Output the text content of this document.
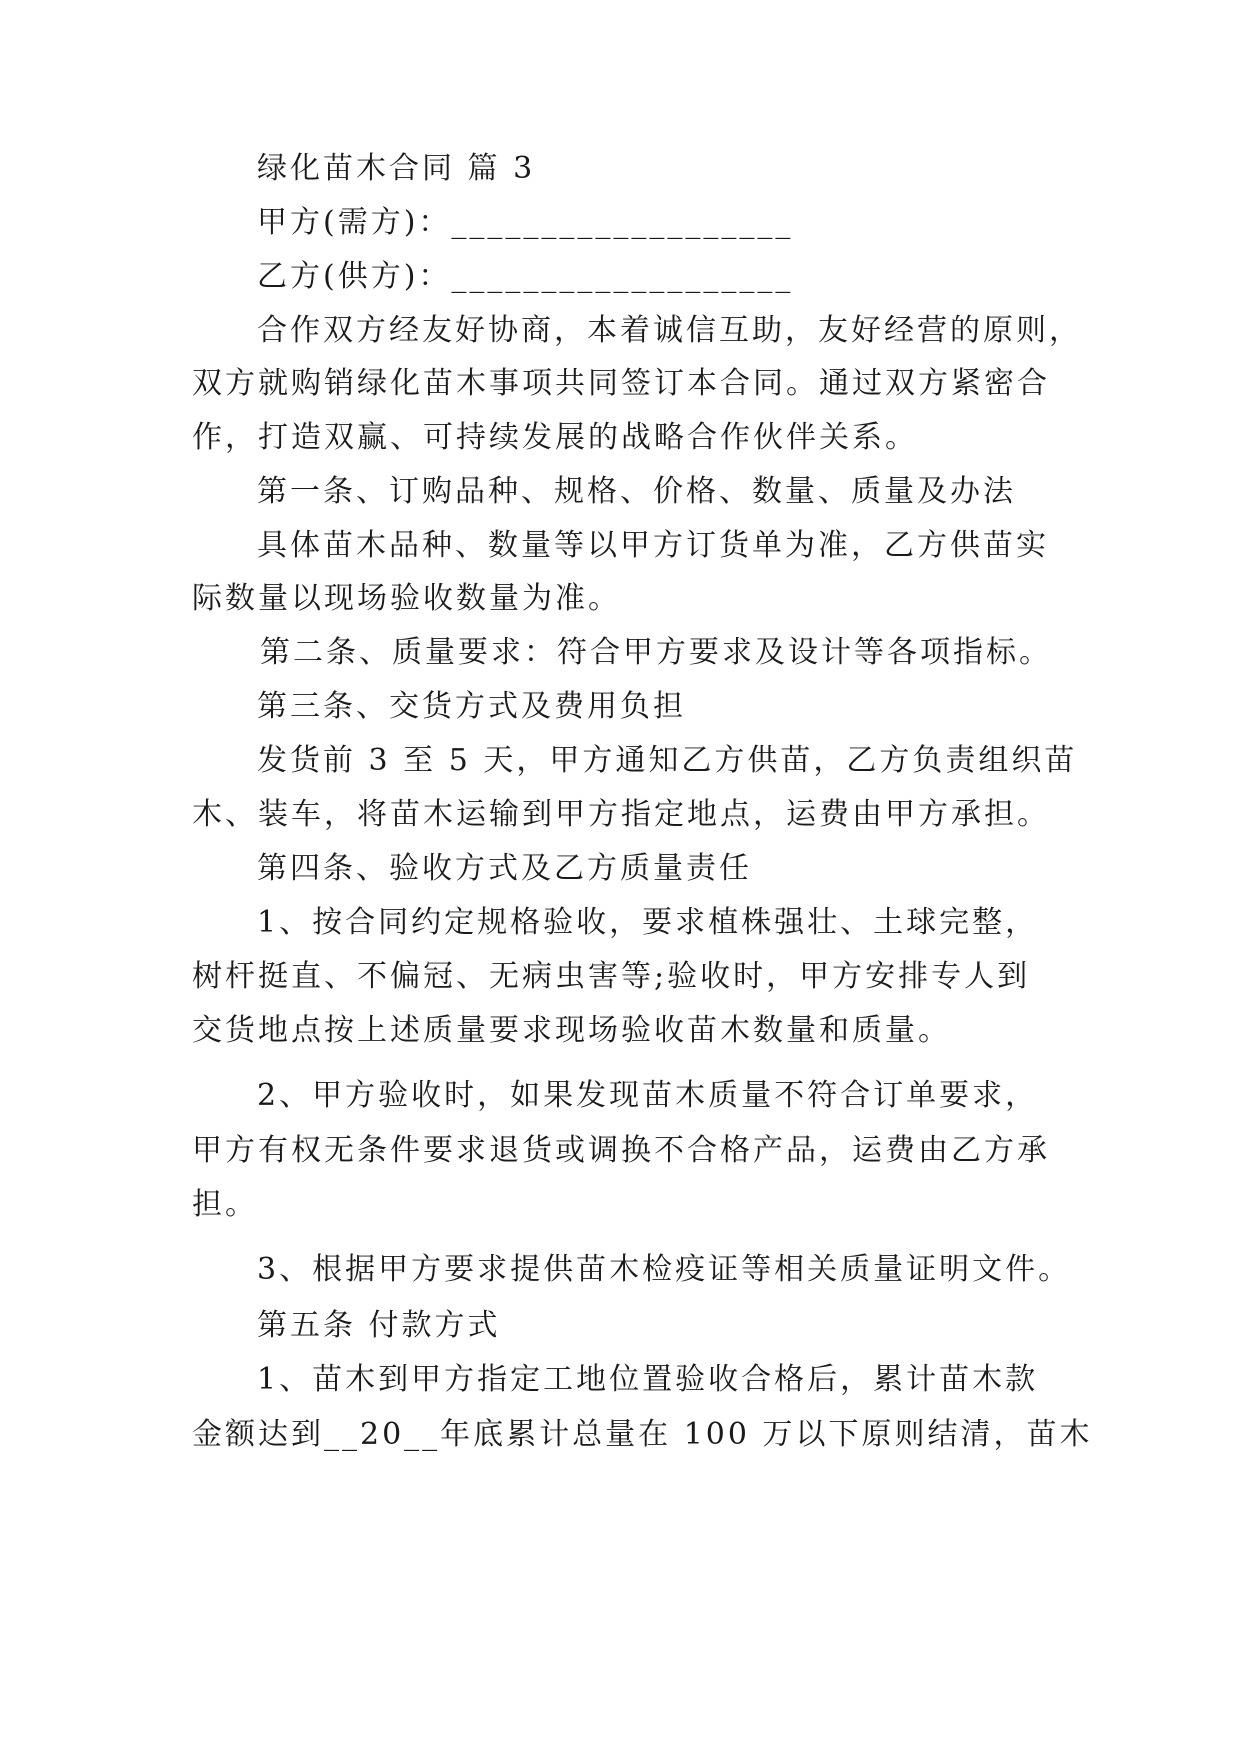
绿化苗木合同 篇 3
甲方(需方)：___________________
乙方(供方)：___________________
合作双方经友好协商，本着诚信互助，友好经营的原则，
双方就购销绿化苗木事项共同签订本合同。通过双方紧密合
作，打造双赢、可持续发展的战略合作伙伴关系。
第一条、订购品种、规格、价格、数量、质量及办法
具体苗木品种、数量等以甲方订货单为准，乙方供苗实
际数量以现场验收数量为准。
第二条、质量要求：符合甲方要求及设计等各项指标。
第三条、交货方式及费用负担
发货前 3 至 5 天，甲方通知乙方供苗，乙方负责组织苗
木、装车，将苗木运输到甲方指定地点，运费由甲方承担。
第四条、验收方式及乙方质量责任
1、按合同约定规格验收，要求植株强壮、土球完整，
树杆挺直、不偏冠、无病虫害等;验收时，甲方安排专人到
交货地点按上述质量要求现场验收苗木数量和质量。
2、甲方验收时，如果发现苗木质量不符合订单要求，
甲方有权无条件要求退货或调换不合格产品，运费由乙方承
担。
3、根据甲方要求提供苗木检疫证等相关质量证明文件。
第五条 付款方式
1、苗木到甲方指定工地位置验收合格后，累计苗木款
金额达到__20__年底累计总量在 100 万以下原则结清，苗木
